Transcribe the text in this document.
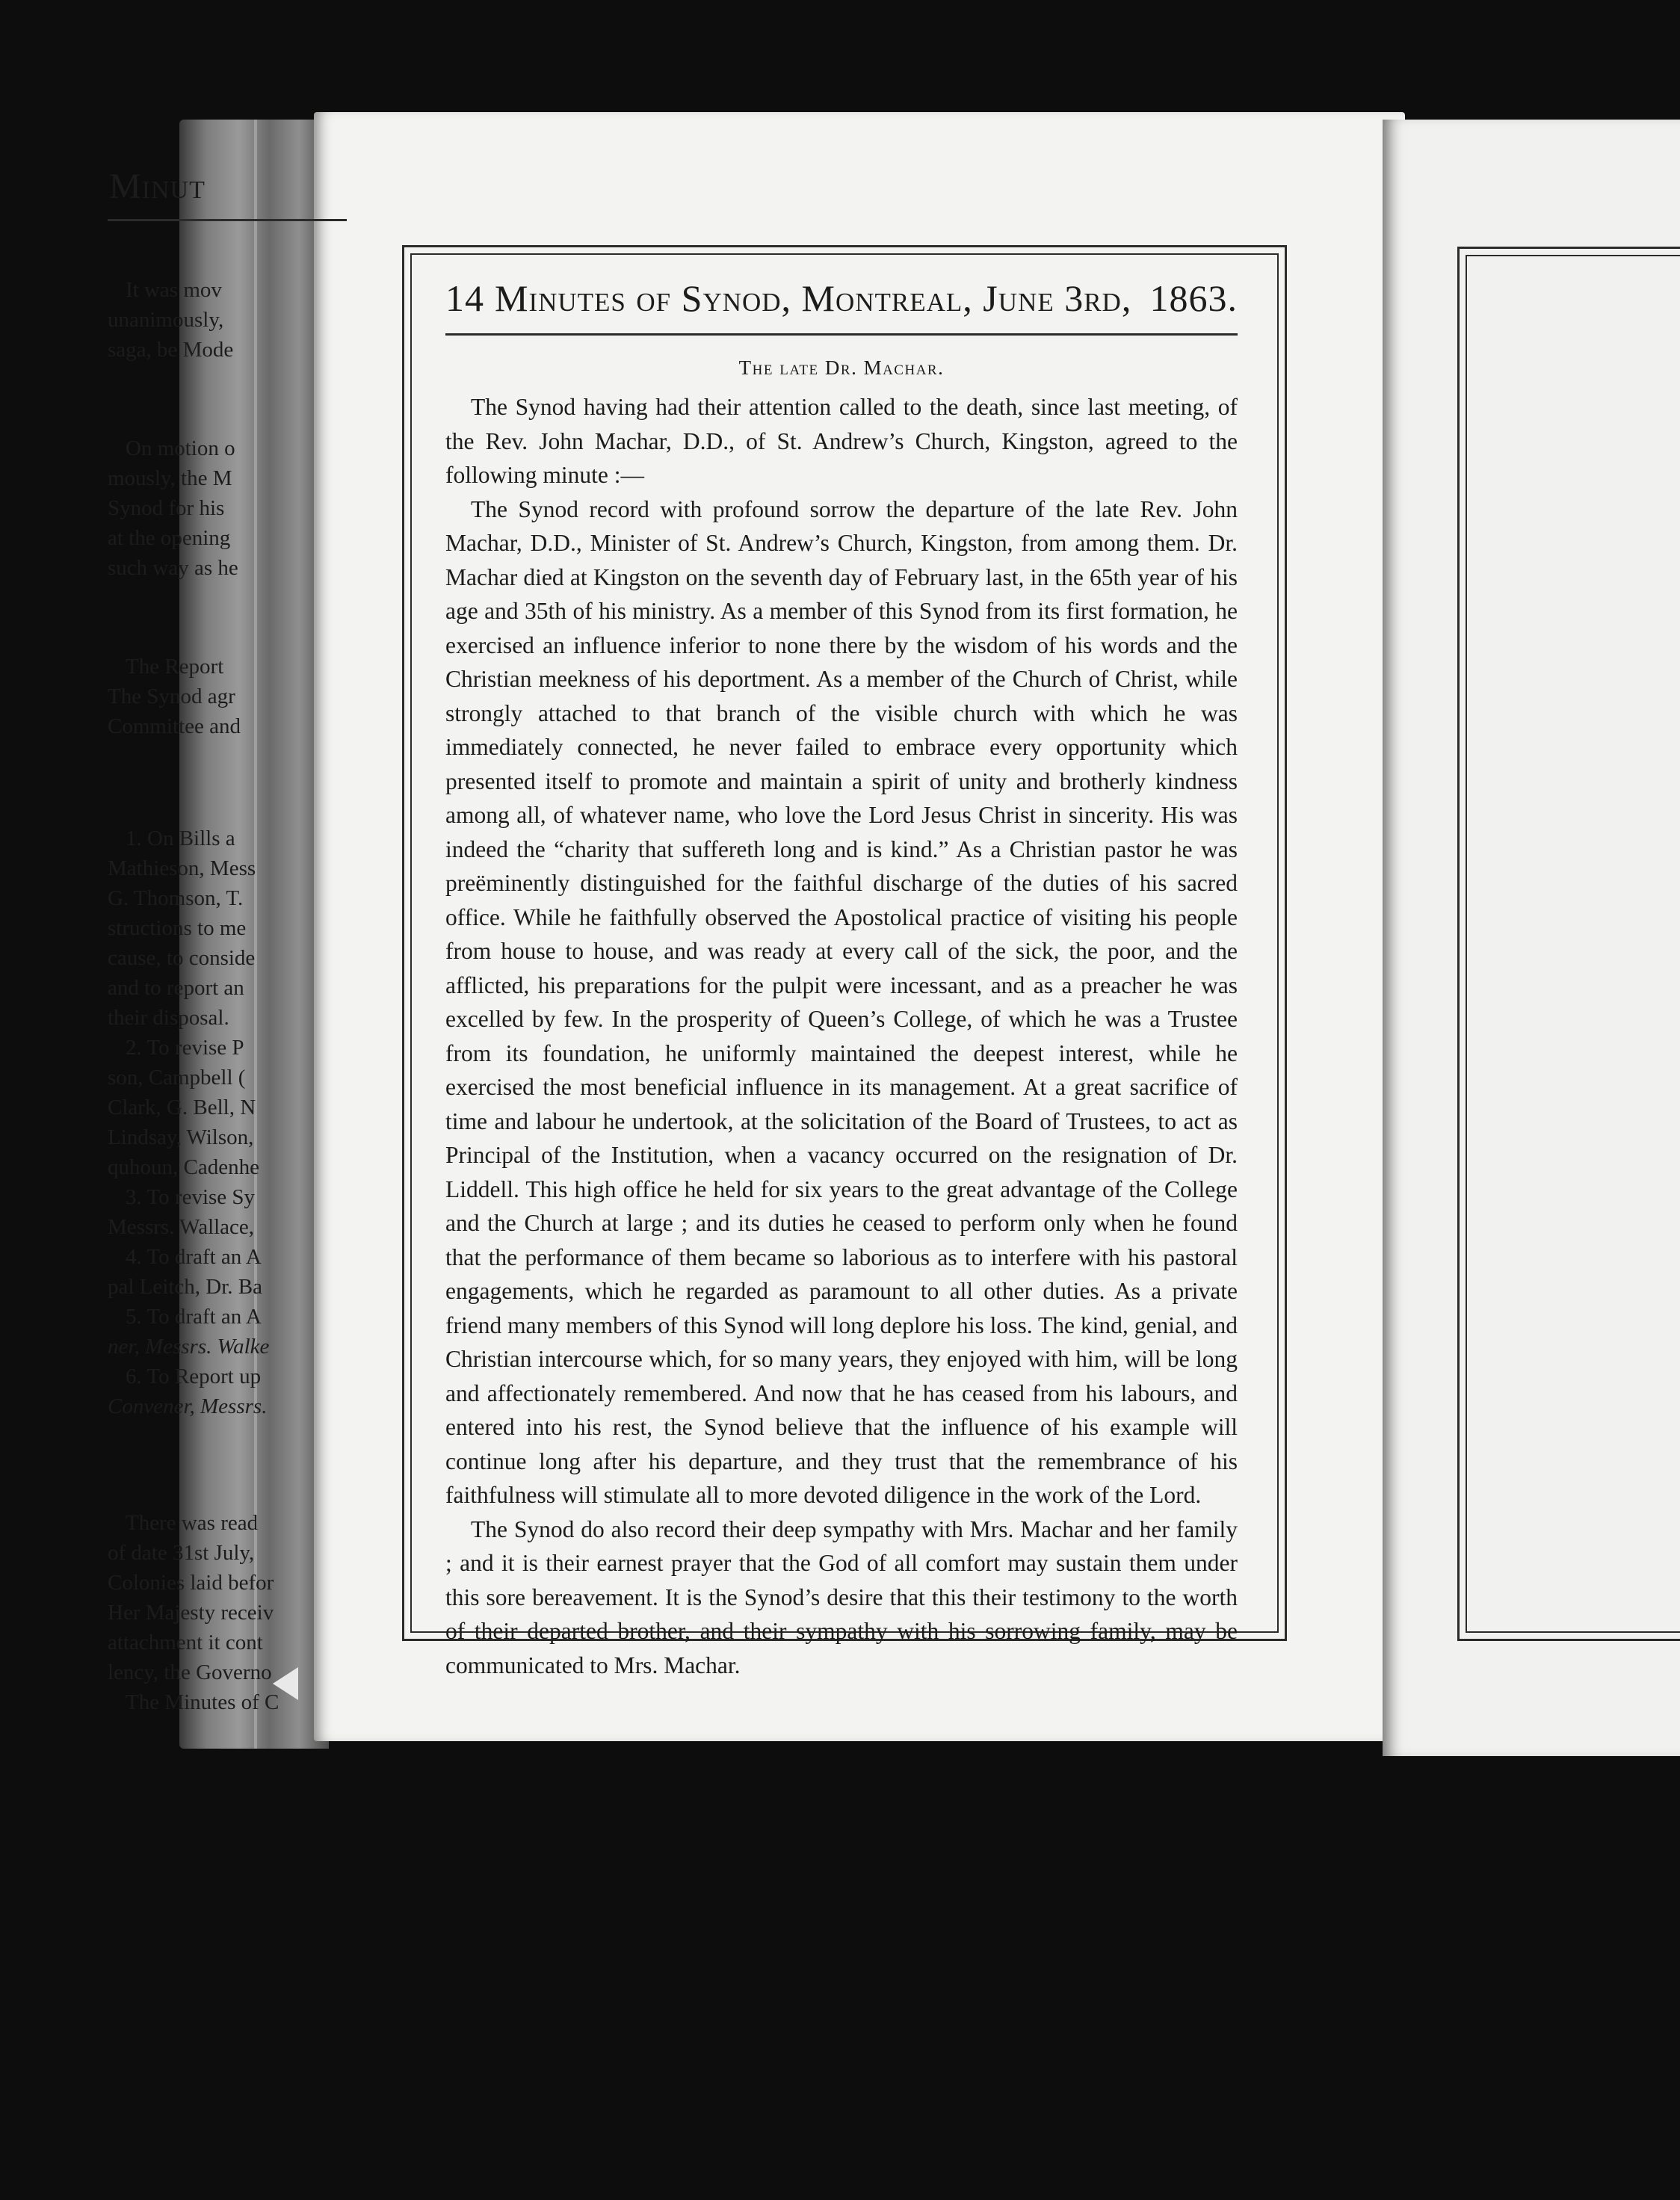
14 Minutes of Synod, Montreal, June 3rd, 1863.
The late Dr. Machar.

The Synod having had their attention called to the death, since last meeting, of the Rev. John Machar, D.D., of St. Andrew’s Church, Kingston, agreed to the following minute :—

The Synod record with profound sorrow the departure of the late Rev. John Machar, D.D., Minister of St. Andrew’s Church, Kingston, from among them. Dr. Machar died at Kingston on the seventh day of February last, in the 65th year of his age and 35th of his ministry. As a member of this Synod from its first formation, he exercised an influence inferior to none there by the wisdom of his words and the Christian meekness of his deportment. As a member of the Church of Christ, while strongly attached to that branch of the visible church with which he was immediately connected, he never failed to embrace every opportunity which presented itself to promote and maintain a spirit of unity and brotherly kindness among all, of whatever name, who love the Lord Jesus Christ in sincerity. His was indeed the “charity that suffereth long and is kind.” As a Christian pastor he was preëminently distinguished for the faithful discharge of the duties of his sacred office. While he faithfully observed the Apostolical practice of visiting his people from house to house, and was ready at every call of the sick, the poor, and the afflicted, his preparations for the pulpit were incessant, and as a preacher he was excelled by few. In the prosperity of Queen’s College, of which he was a Trustee from its foundation, he uniformly maintained the deepest interest, while he exercised the most beneficial influence in its management. At a great sacrifice of time and labour he undertook, at the solicitation of the Board of Trustees, to act as Principal of the Institution, when a vacancy occurred on the resignation of Dr. Liddell. This high office he held for six years to the great advantage of the College and the Church at large ; and its duties he ceased to perform only when he found that the performance of them became so laborious as to interfere with his pastoral engagements, which he regarded as paramount to all other duties. As a private friend many members of this Synod will long deplore his loss. The kind, genial, and Christian intercourse which, for so many years, they enjoyed with him, will be long and affectionately remembered. And now that he has ceased from his labours, and entered into his rest, the Synod believe that the influence of his example will continue long after his departure, and they trust that the remembrance of his faithfulness will stimulate all to more devoted diligence in the work of the Lord.

The Synod do also record their deep sympathy with Mrs. Machar and her family ; and it is their earnest prayer that the God of all comfort may sustain them under this sore bereavement. It is the Synod’s desire that this their testimony to the worth of their departed brother, and their sympathy with his sorrowing family, may be communicated to Mrs. Machar.

Minut
It was mov
unanimously,
saga, be Mode
On motion o
mously, the M
Synod for his
at the opening
such way as he
The Report
The Synod agr
Committee and
1. On Bills a
Mathieson, Mess
G. Thomson, T.
structions to me
cause, to conside
and to report an
their disposal.
2. To revise P
son, Campbell (
Clark, G. Bell, N
Lindsay, Wilson,
quhoun, Cadenhe
3. To revise Sy
Messrs. Wallace,
4. To draft an A
pal Leitch, Dr. Ba
5. To draft an A
ner, Messrs. Walke
6. To Report up
Convener, Messrs.
There was read
of date 31st July,
Colonies laid befor
Her Majesty receiv
attachment it cont
lency, the Governo
The Minutes of C
